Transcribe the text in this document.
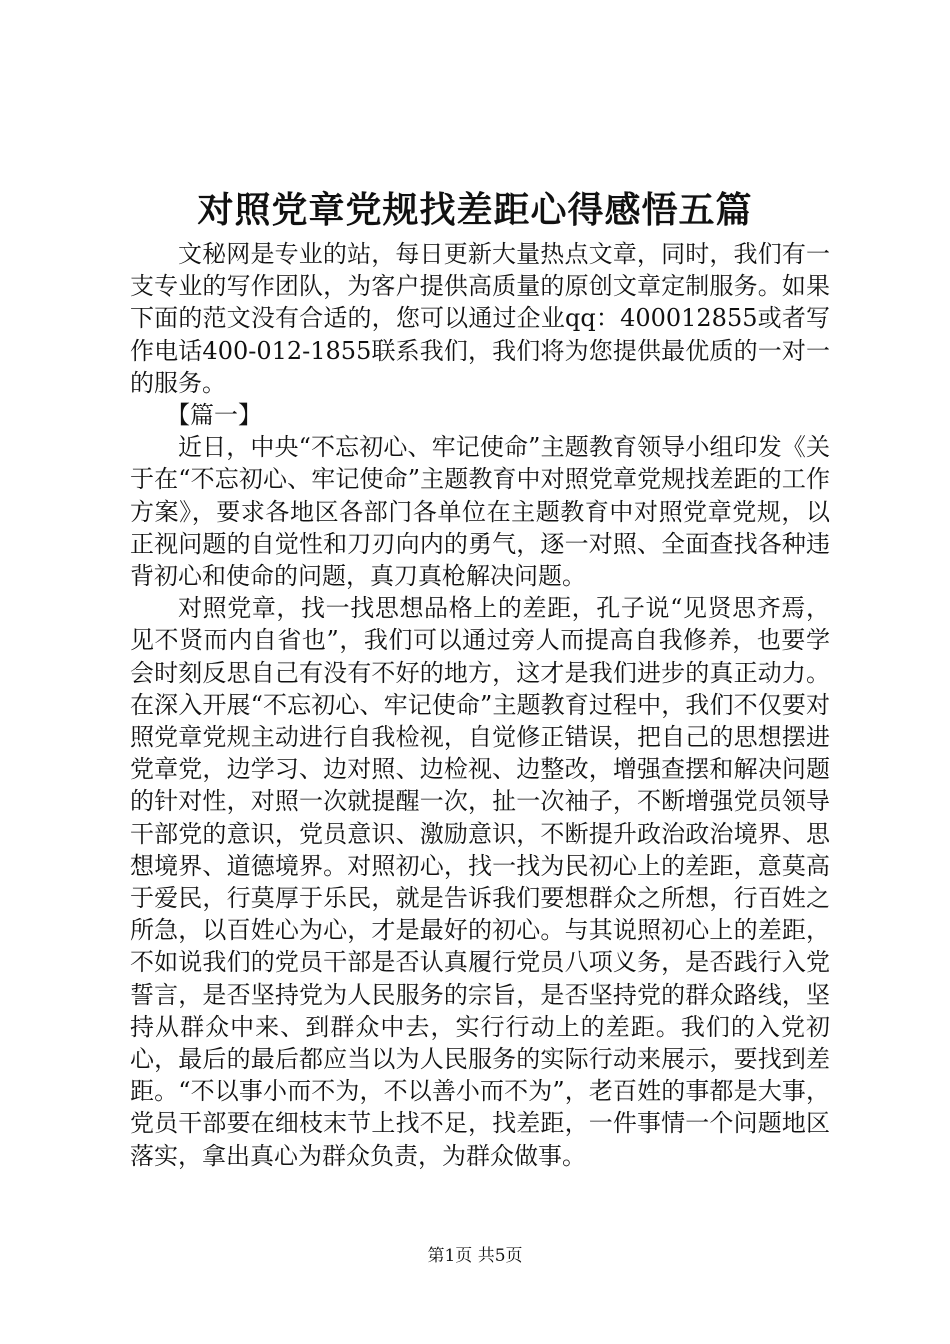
对照党章党规找差距心得感悟五篇

文秘网是专业的站，每日更新大量热点文章，同时，我们有一支专业的写作团队，为客户提供高质量的原创文章定制服务。如果下面的范文没有合适的，您可以通过企业qq：400012855或者写作电话400-012-1855联系我们，我们将为您提供最优质的一对一的服务。

【篇一】

近日，中央“不忘初心、牢记使命”主题教育领导小组印发《关于在“不忘初心、牢记使命”主题教育中对照党章党规找差距的工作方案》，要求各地区各部门各单位在主题教育中对照党章党规，以正视问题的自觉性和刀刃向内的勇气，逐一对照、全面查找各种违背初心和使命的问题，真刀真枪解决问题。

对照党章，找一找思想品格上的差距，孔子说“见贤思齐焉，见不贤而内自省也”，我们可以通过旁人而提高自我修养，也要学会时刻反思自己有没有不好的地方，这才是我们进步的真正动力。在深入开展“不忘初心、牢记使命”主题教育过程中，我们不仅要对照党章党规主动进行自我检视，自觉修正错误，把自己的思想摆进党章党，边学习、边对照、边检视、边整改，增强查摆和解决问题的针对性，对照一次就提醒一次，扯一次袖子，不断增强党员领导干部党的意识，党员意识、激励意识，不断提升政治政治境界、思想境界、道德境界。对照初心，找一找为民初心上的差距，意莫高于爱民，行莫厚于乐民，就是告诉我们要想群众之所想，行百姓之所急，以百姓心为心，才是最好的初心。与其说照初心上的差距，不如说我们的党员干部是否认真履行党员八项义务，是否践行入党誓言，是否坚持党为人民服务的宗旨，是否坚持党的群众路线，坚持从群众中来、到群众中去，实行行动上的差距。我们的入党初心，最后的最后都应当以为人民服务的实际行动来展示，要找到差距。“不以事小而不为，不以善小而不为”，老百姓的事都是大事，党员干部要在细枝末节上找不足，找差距，一件事情一个问题地区落实，拿出真心为群众负责，为群众做事。

第1页 共5页
